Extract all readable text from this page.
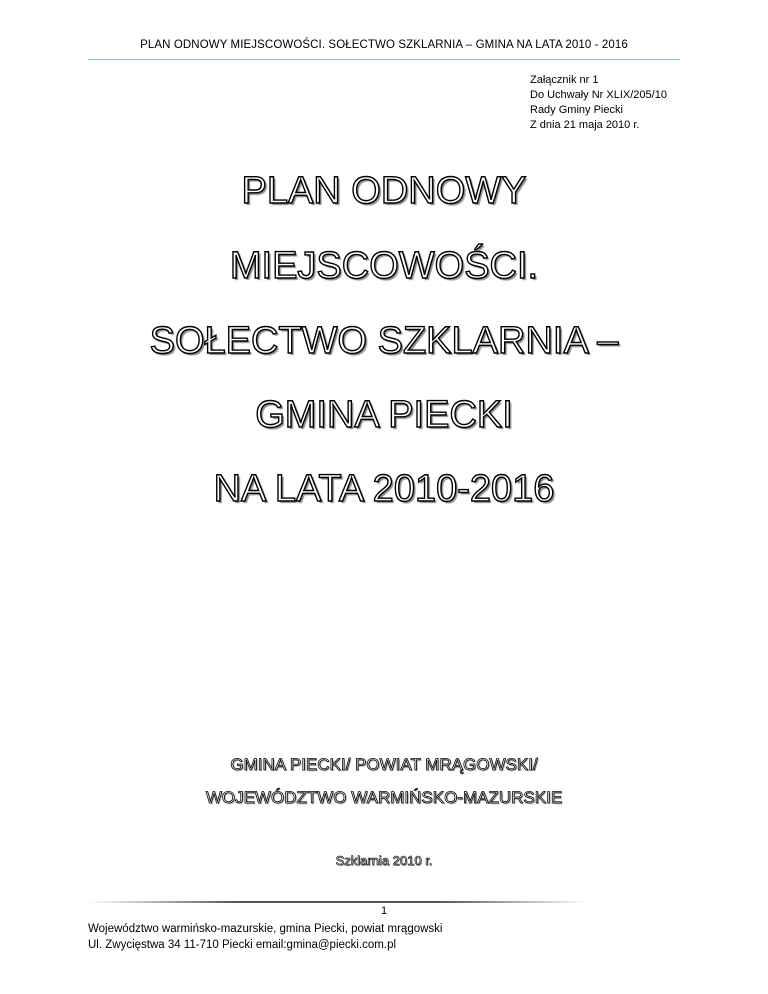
PLAN ODNOWY MIEJSCOWOŚCI. SOŁECTWO SZKLARNIA – GMINA NA LATA 2010 - 2016
Załącznik nr 1
Do Uchwały Nr XLIX/205/10
Rady Gminy Piecki
Z dnia 21 maja 2010 r.
PLAN ODNOWY
MIEJSCOWOŚCI.
SOŁECTWO SZKLARNIA –
GMINA PIECKI
NA LATA 2010-2016
GMINA PIECKI/ POWIAT MRĄGOWSKI/
WOJEWÓDZTWO WARMIŃSKO-MAZURSKIE
Szklarnia 2010 r.
1
Województwo warmińsko-mazurskie, gmina Piecki, powiat mrągowski
Ul. Zwycięstwa 34 11-710 Piecki email:gmina@piecki.com.pl
